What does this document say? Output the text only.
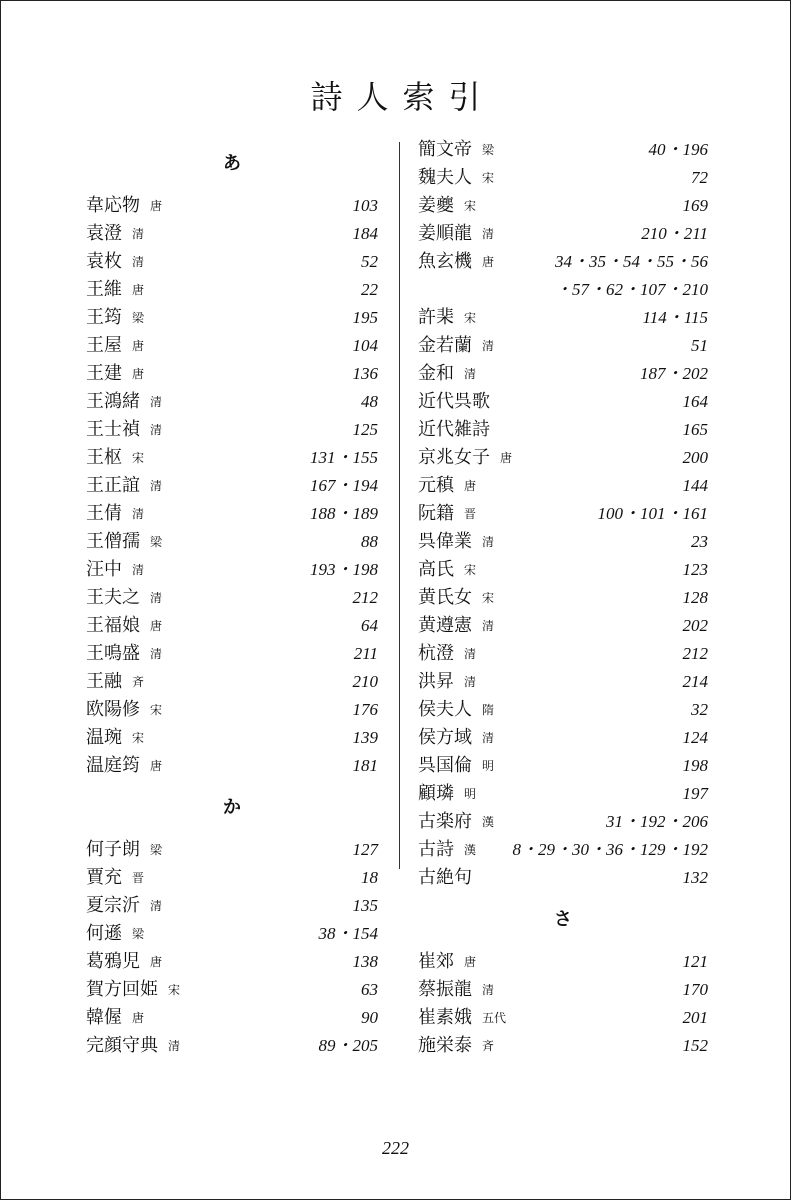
詩人索引
あ
韋応物 唐	103
袁澄 清	184
袁枚 清	52
王維 唐	22
王筠 梁	195
王屋 唐	104
王建 唐	136
王鴻緒 清	48
王士禎 清	125
王枢 宋	131・155
王正誼 清	167・194
王倩 清	188・189
王僧孺 梁	88
汪中 清	193・198
王夫之 清	212
王福娘 唐	64
王鳴盛 清	211
王融 斉	210
欧陽修 宋	176
温琬 宋	139
温庭筠 唐	181
か
何子朗 梁	127
賈充 晋	18
夏宗沂 清	135
何遜 梁	38・154
葛鴉児 唐	138
賀方回姫 宋	63
韓偓 唐	90
完顔守典 清	89・205
簡文帝 梁	40・196
魏夫人 宋	72
姜夔 宋	169
姜順龍 清	210・211
魚玄機 唐	34・35・54・55・56
・57・62・107・210
許棐 宋	114・115
金若蘭 清	51
金和 清	187・202
近代呉歌	164
近代雑詩	165
京兆女子 唐	200
元稹 唐	144
阮籍 晋	100・101・161
呉偉業 清	23
高氏 宋	123
黄氏女 宋	128
黄遵憲 清	202
杭澄 清	212
洪昇 清	214
侯夫人 隋	32
侯方域 清	124
呉国倫 明	198
顧璘 明	197
古楽府 漢	31・192・206
古詩 漢 8・29・30・36・129・192
古絶句	132
さ
崔郊 唐	121
蔡振龍 清	170
崔素娥 五代	201
施栄泰 斉	152
222
